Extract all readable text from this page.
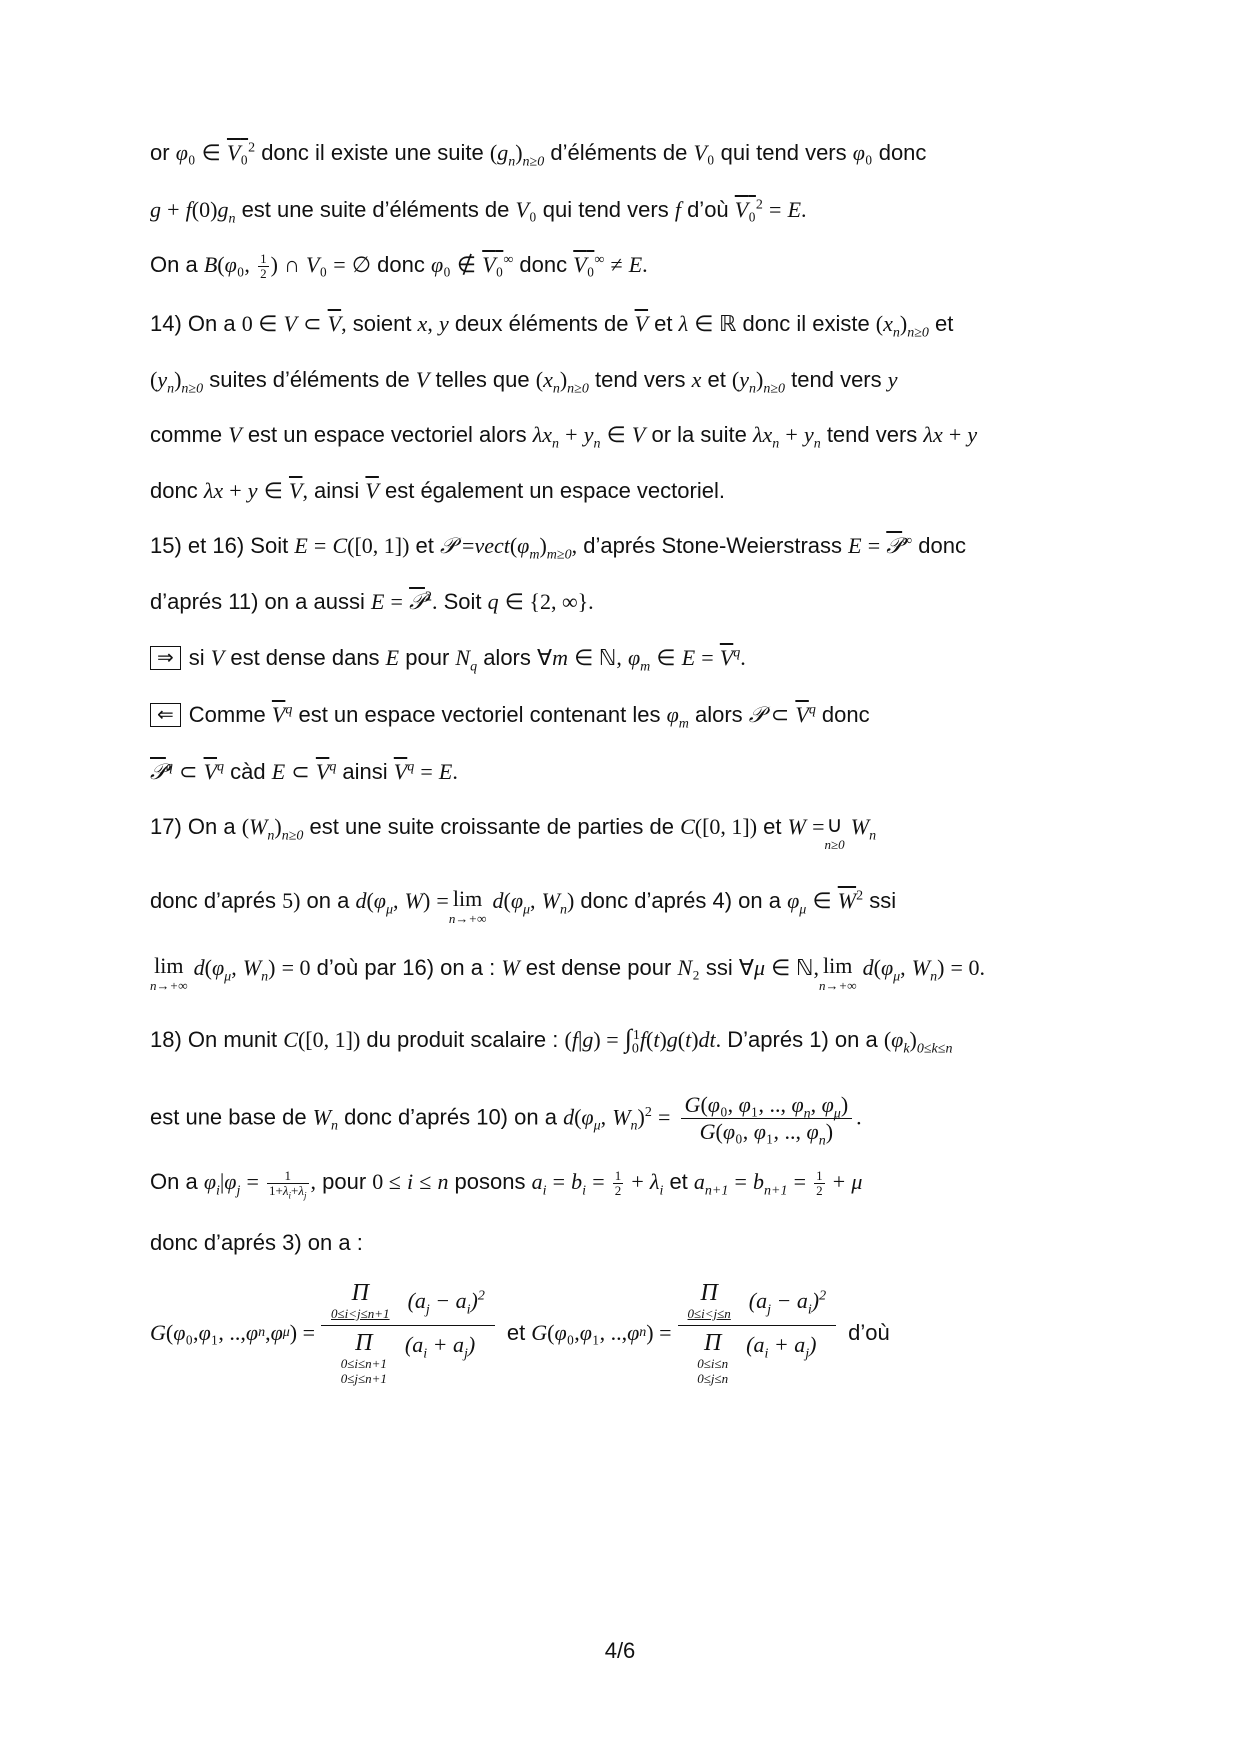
or φ₀ ∈ $\overline{V}_0^2$ donc il existe une suite $(g_n)_{n\ge 0}$ d’éléments de V₀ qui tend vers φ₀ donc
$g + f(0)g_n$ est une suite d’éléments de V₀ qui tend vers f d’où $\overline{V}_0^2 = E$.
On a B(φ₀, $\frac{1}{2}$ ) ∩ V₀ = ∅ donc φ₀ ∉ $\overline{V}_0^\infty$ donc $\overline{V}_0^\infty \ne E$.
14) On a 0 ∈ V ⊂ $\overline{V}$, soient x, y deux éléments de $\overline{V}$ et λ ∈ ℝ donc il existe $(x_n)_{n\ge 0}$ et
$(y_n)_{n\ge 0}$ suites d’éléments de V telles que $(x_n)_{n\ge 0}$ tend vers x et $(y_n)_{n\ge 0}$ tend vers y
comme V est un espace vectoriel alors $\lambda x_n + y_n$ ∈ V or la suite $\lambda x_n + y_n$ tend vers λx + y
donc λx + y ∈ $\overline{V}$, ainsi $\overline{V}$ est également un espace vectoriel.
15) et 16) Soit E = C([0, 1]) et 𝒫 $=vect(\varphi_m)_{m\ge 0}$, d’aprés Stone-Weierstrass E = 𝒫∞ donc
d’aprés 11) on a aussi E = 𝒫$^2$. Soit q ∈ {2, ∞}.
⇒ si V est dense dans E pour $N_q$ alors ∀m ∈ ℕ, $\varphi_m$ ∈ $E = \overline{V}^q$.
⇐ Comme $\overline{V}^q$ est un espace vectoriel contenant les $\varphi_m$ alors 𝒫 ⊂ $\overline{V}^q$ donc
𝒫$^q$ ⊂ $\overline{V}^q$ càd E ⊂ $\overline{V}^q$ ainsi $\overline{V}^q = E$.
17) On a $(W_n)_{n\ge 0}$ est une suite croissante de parties de C([0, 1]) et W = ∪
n≥0
$W_n$
donc d’aprés 5) on a $d(\varphi_\mu$, W) = lim
n→+∞
$d(\varphi_\mu$, $W_n$) donc d’aprés 4) on a $\varphi_\mu$ ∈ $\overline{W}^2$ ssi
lim
n→+∞
$d(\varphi_\mu$, $W_n) = 0$ d’où par 16) on a : W est dense pour N₂ ssi ∀μ ∈ ℕ, lim
n→+∞
$d(\varphi_\mu$, $W_n) = 0$.
18) On munit C([0, 1]) du produit scalaire : $(f|g) = \int_0^1f(t)g(t)dt$. D’aprés 1) on a $(\varphi_k)_{0\le k\le n}$
est une base de $W_n$ donc d’aprés 10) on a $d(\varphi_\mu$, $W_n)^2 = \frac{G(\varphi_0, \varphi_1, .., \varphi_n, \varphi_\mu)}{G(\varphi_0, \varphi_1, .., \varphi_n)}$ .
On a $\varphi_i|\varphi_j = \frac{1}{1+\lambda_i+\lambda_j}$ , pour 0 ≤ i ≤ n posons $a_i = b_i = \frac{1}{2} + \lambda_i$ et $a_{n+1} = b_{n+1} = \frac{1}{2} + \mu$
donc d’aprés 3) on a :
G ( φ ₀, φ ₁, .., φ n , φ μ ) = Π
0≤i<j≤n+1
$(a_j - a_i)^2$
Π
0≤i≤n+1
0≤j≤n+1
$(a_i + a_j)$ et G ( φ ₀, φ ₁, .., φ n ) = Π
0≤i<j≤n
$(a_j - a_i)^2$
Π
0≤i≤n
0≤j≤n
$(a_i + a_j)$ d’où
4/6
